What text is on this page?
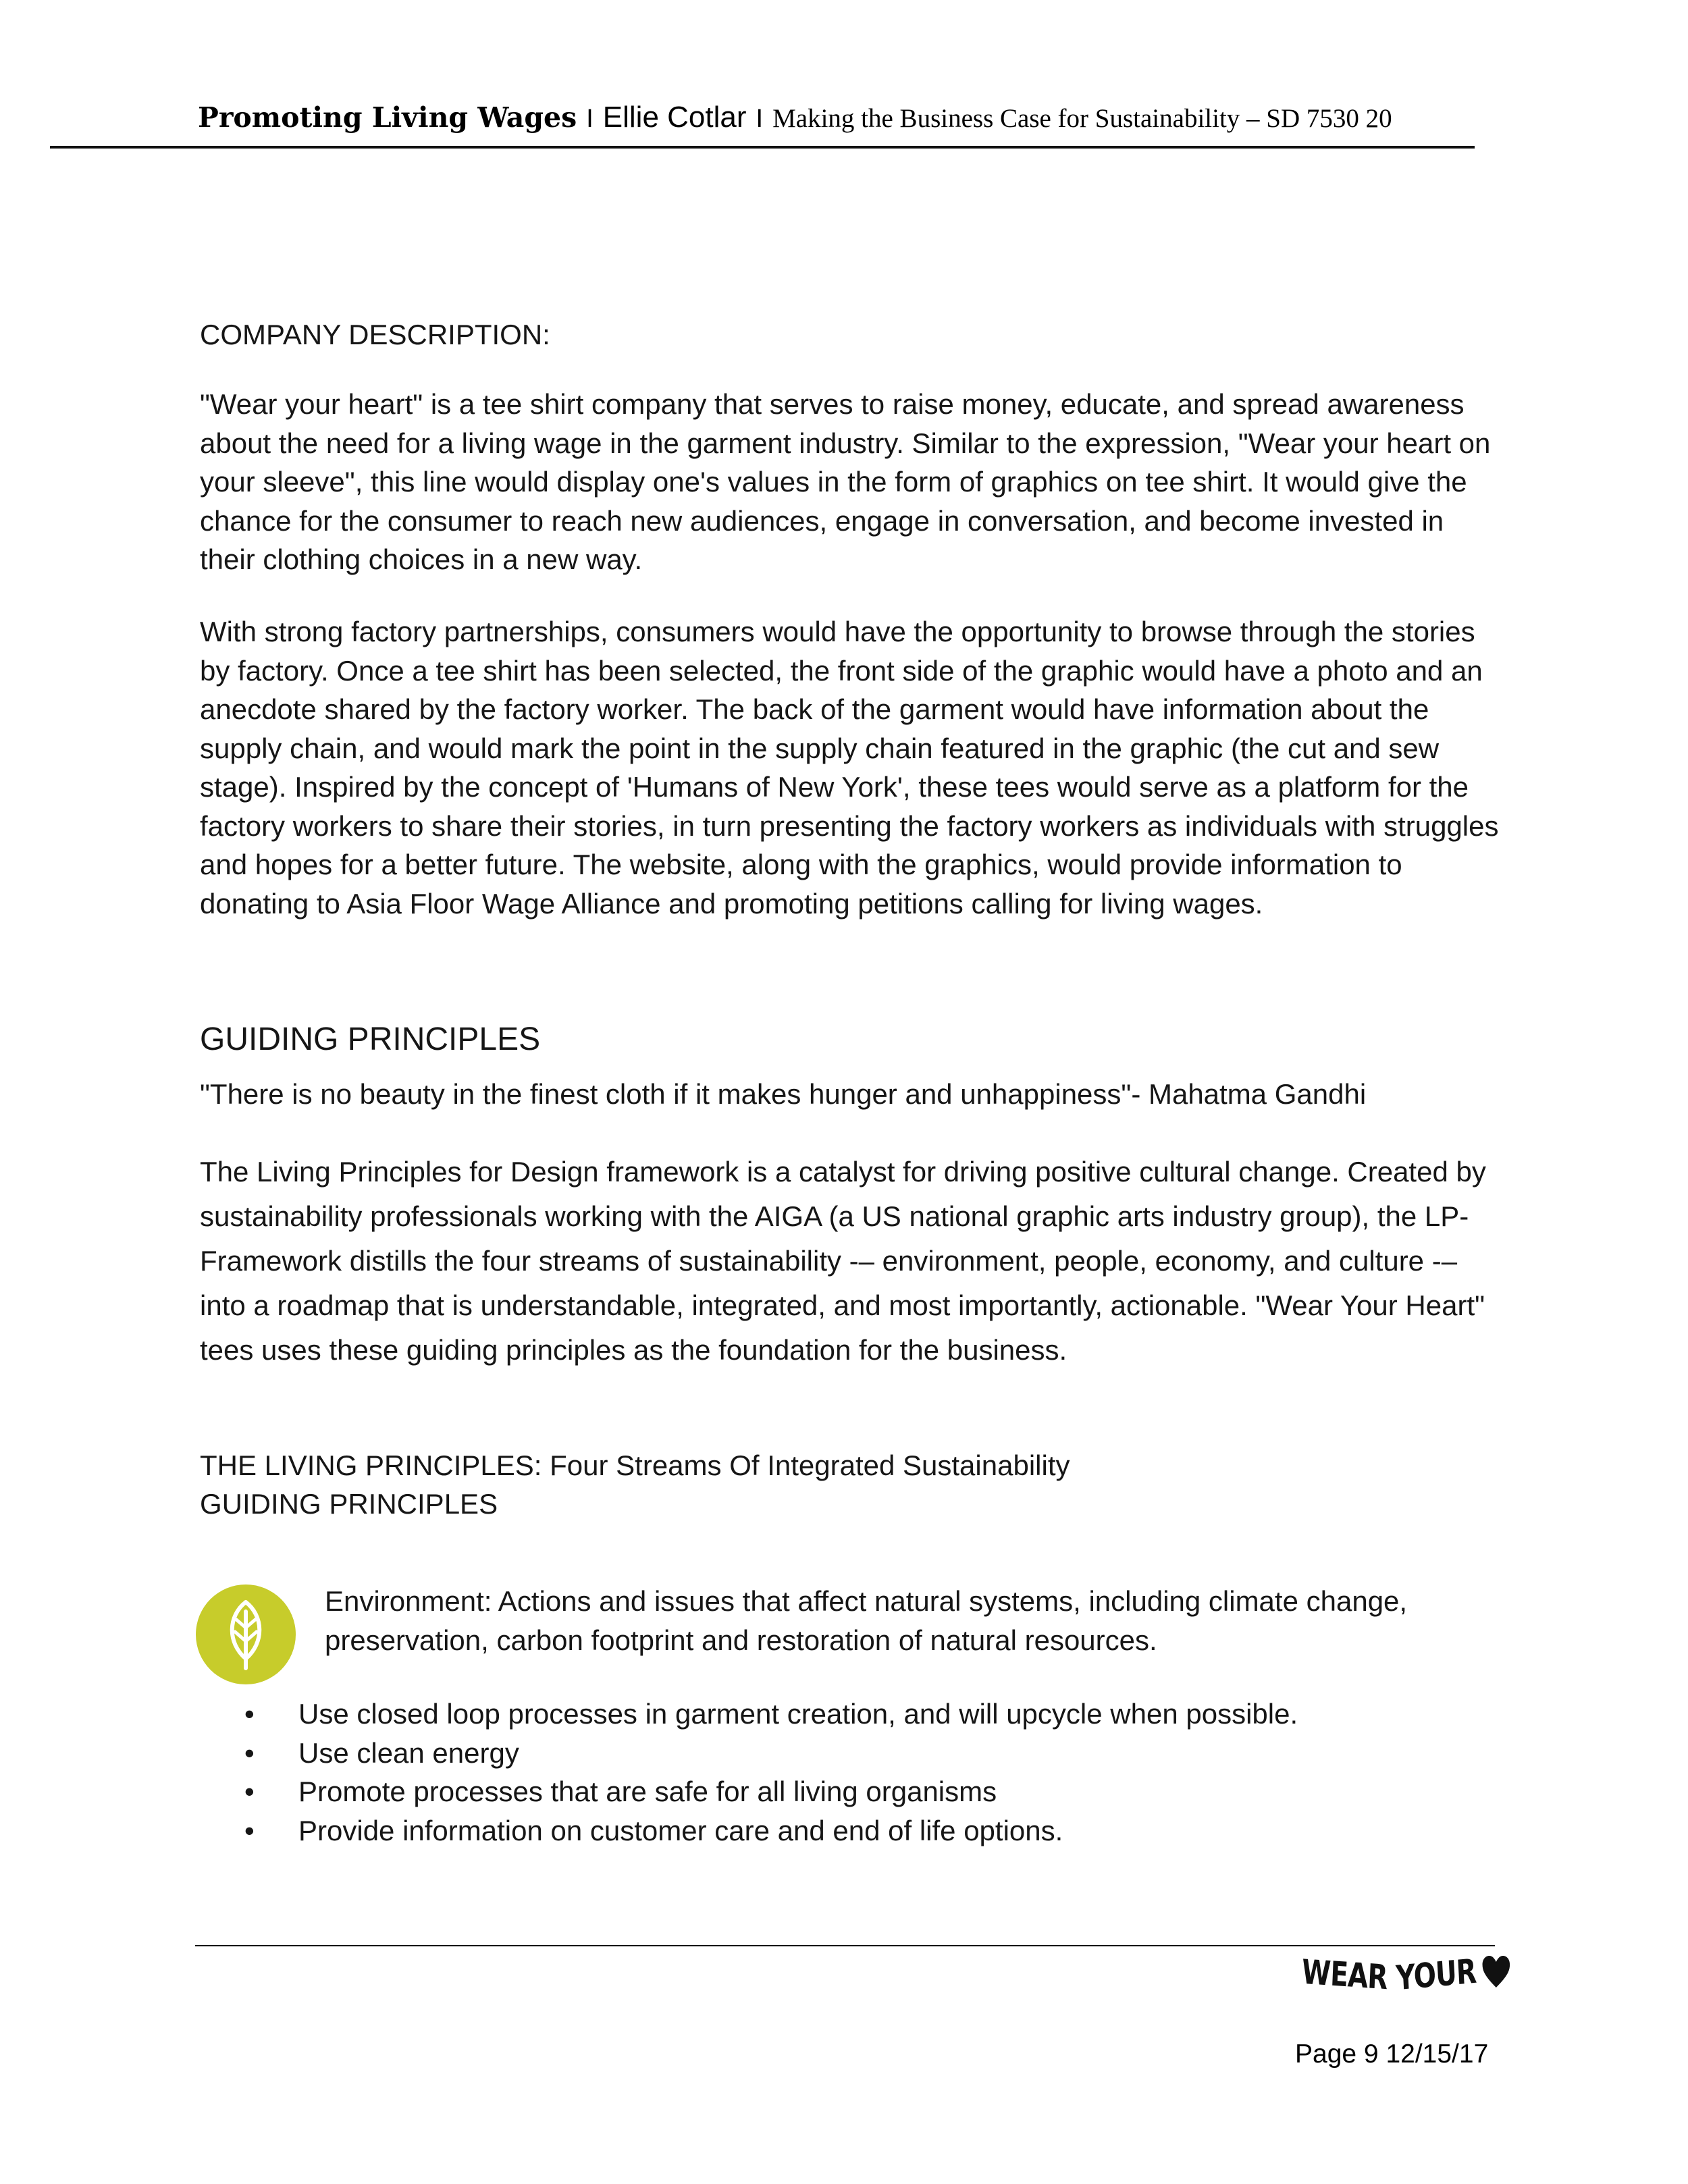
Promoting Living Wages I Ellie Cotlar I Making the Business Case for Sustainability – SD 7530 20

COMPANY DESCRIPTION:

"Wear your heart" is a tee shirt company that serves to raise money, educate, and spread awareness about the need for a living wage in the garment industry. Similar to the expression, "Wear your heart on your sleeve", this line would display one's values in the form of graphics on tee shirt. It would give the chance for the consumer to reach new audiences, engage in conversation, and become invested in their clothing choices in a new way.

With strong factory partnerships, consumers would have the opportunity to browse through the stories by factory. Once a tee shirt has been selected, the front side of the graphic would have a photo and an anecdote shared by the factory worker. The back of the garment would have information about the supply chain, and would mark the point in the supply chain featured in the graphic (the cut and sew stage). Inspired by the concept of 'Humans of New York', these tees would serve as a platform for the factory workers to share their stories, in turn presenting the factory workers as individuals with struggles and hopes for a better future. The website, along with the graphics, would provide information to donating to Asia Floor Wage Alliance and promoting petitions calling for living wages.

GUIDING PRINCIPLES

"There is no beauty in the finest cloth if it makes hunger and unhappiness"- Mahatma Gandhi

The Living Principles for Design framework is a catalyst for driving positive cultural change. Created by sustainability professionals working with the AIGA (a US national graphic arts industry group), the LP-Framework distills the four streams of sustainability -– environment, people, economy, and culture -– into a roadmap that is understandable, integrated, and most importantly, actionable. "Wear Your Heart" tees uses these guiding principles as the foundation for the business.

THE LIVING PRINCIPLES: Four Streams Of Integrated Sustainability

GUIDING PRINCIPLES

Environment: Actions and issues that affect natural systems, including climate change, preservation, carbon footprint and restoration of natural resources.

• Use closed loop processes in garment creation, and will upcycle when possible.
• Use clean energy
• Promote processes that are safe for all living organisms
• Provide information on customer care and end of life options.
WEAR YOUR
Page 9 12/15/17
